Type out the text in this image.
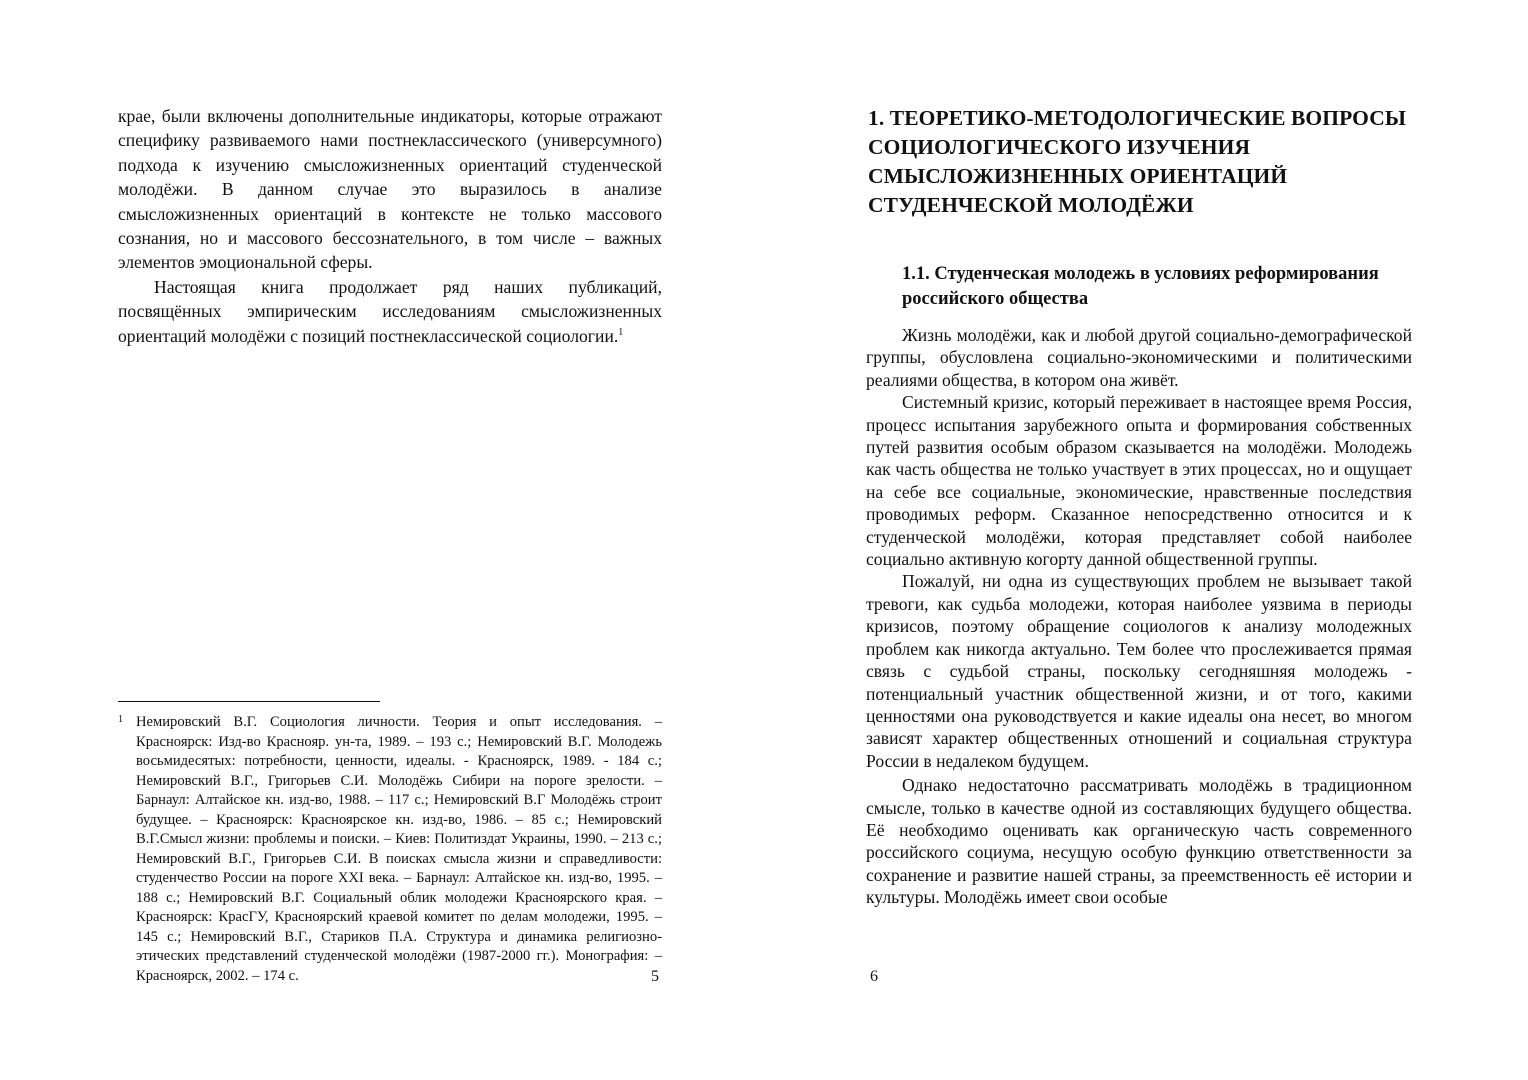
крае, были включены дополнительные индикаторы, которые отражают специфику развиваемого нами постнеклассического (универсумного) подхода к изучению смысложизненных ориентаций студенческой молодёжи. В данном случае это выразилось в анализе смысложизненных ориентаций в контексте не только массового сознания, но и массового бессознательного, в том числе – важных элементов эмоциональной сферы.

Настоящая книга продолжает ряд наших публикаций, посвящённых эмпирическим исследованиям смысложизненных ориентаций молодёжи с позиций постнеклассической социологии.$^1$

1 Немировский В.Г. Социология личности. Теория и опыт исследования. – Красноярск: Изд-во Краснояр. ун-та, 1989. – 193 с.; Немировский В.Г. Молодежь восьмидесятых: потребности, ценности, идеалы. - Красноярск, 1989. - 184 с.; Немировский В.Г., Григорьев С.И. Молодёжь Сибири на пороге зрелости. – Барнаул: Алтайское кн. изд-во, 1988. – 117 с.; Немировский В.Г Молодёжь строит будущее. – Красноярск: Красноярское кн. изд-во, 1986. – 85 с.; Немировский В.Г.Смысл жизни: проблемы и поиски. – Киев: Политиздат Украины, 1990. – 213 с.; Немировский В.Г., Григорьев С.И. В поисках смысла жизни и справедливости: студенчество России на пороге XXI века. – Барнаул: Алтайское кн. изд-во, 1995. – 188 с.; Немировский В.Г. Социальный облик молодежи Красноярского края. – Красноярск: КрасГУ, Красноярский краевой комитет по делам молодежи, 1995. – 145 с.; Немировский В.Г., Стариков П.А. Структура и динамика религиозно-этических представлений студенческой молодёжи (1987-2000 гг.). Монография: – Красноярск, 2002. – 174 с.	5
1. ТЕОРЕТИКО-МЕТОДОЛОГИЧЕСКИЕ ВОПРОСЫ СОЦИОЛОГИЧЕСКОГО ИЗУЧЕНИЯ СМЫСЛОЖИЗНЕННЫХ ОРИЕНТАЦИЙ СТУДЕНЧЕСКОЙ МОЛОДЁЖИ
1.1. Студенческая молодежь в условиях реформирования российского общества

Жизнь молодёжи, как и любой другой социально-демографической группы, обусловлена социально-экономическими и политическими реалиями общества, в котором она живёт.

Системный кризис, который переживает в настоящее время Россия, процесс испытания зарубежного опыта и формирования собственных путей развития особым образом сказывается на молодёжи. Молодежь как часть общества не только участвует в этих процессах, но и ощущает на себе все социальные, экономические, нравственные последствия проводимых реформ. Сказанное непосредственно относится и к студенческой молодёжи, которая представляет собой наиболее социально активную когорту данной общественной группы.

Пожалуй, ни одна из существующих проблем не вызывает такой тревоги, как судьба молодежи, которая наиболее уязвима в периоды кризисов, поэтому обращение социологов к анализу молодежных проблем как никогда актуально. Тем более что прослеживается прямая связь с судьбой страны, поскольку сегодняшняя молодежь - потенциальный участник общественной жизни, и от того, какими ценностями она руководствуется и какие идеалы она несет, во многом зависят характер общественных отношений и социальная структура России в недалеком будущем.

Однако недостаточно рассматривать молодёжь в традиционном смысле, только в качестве одной из составляющих будущего общества. Её необходимо оценивать как органическую часть современного российского социума, несущую особую функцию ответственности за сохранение и развитие нашей страны, за преемственность её истории и культуры. Молодёжь имеет свои особые

6
